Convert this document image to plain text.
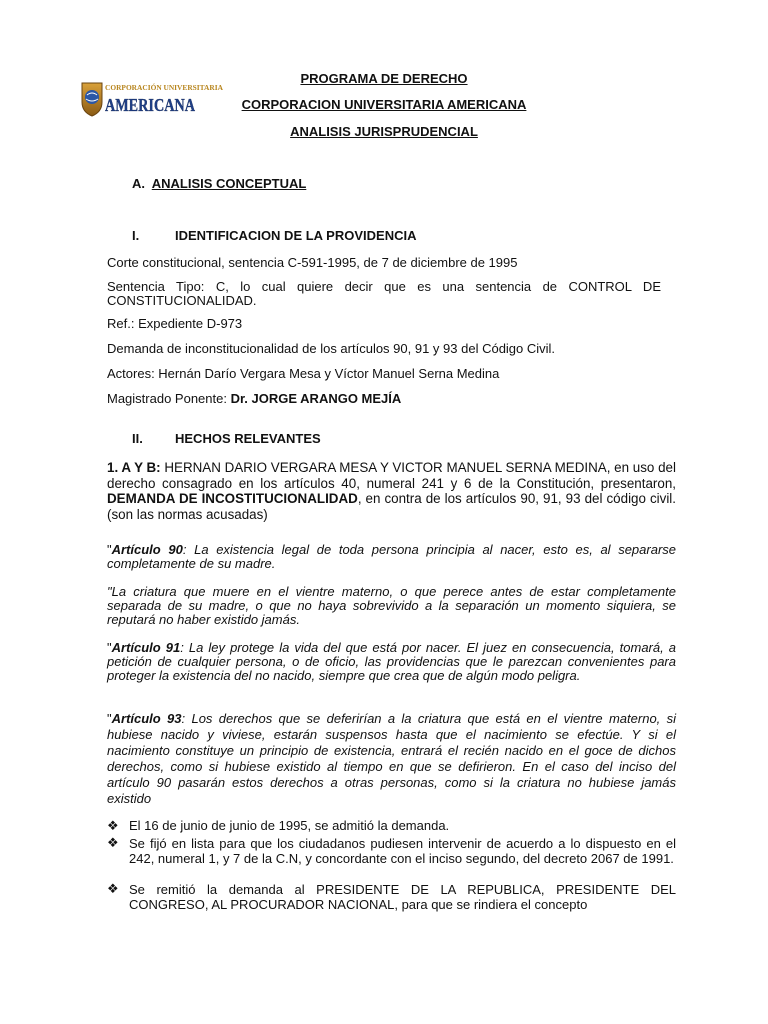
PROGRAMA DE DERECHO
CORPORACION UNIVERSITARIA AMERICANA
ANALISIS JURISPRUDENCIAL
CORPORACIÓN UNIVERSITARIA
AMERICANA
A. ANALISIS CONCEPTUAL
I.	IDENTIFICACION DE LA PROVIDENCIA
Corte constitucional, sentencia C-591-1995, de 7 de diciembre de 1995
Sentencia Tipo: C, lo cual quiere decir que es una sentencia de CONTROL DE CONSTITUCIONALIDAD.
Ref.: Expediente D-973
Demanda de inconstitucionalidad de los artículos 90, 91 y 93 del Código Civil.
Actores: Hernán Darío Vergara Mesa y Víctor Manuel Serna Medina
Magistrado Ponente: Dr. JORGE ARANGO MEJÍA
II. HECHOS RELEVANTES
1. A Y B: HERNAN DARIO VERGARA MESA Y VICTOR MANUEL SERNA MEDINA, en uso del derecho consagrado en los artículos 40, numeral 241 y 6 de la Constitución, presentaron, DEMANDA DE INCOSTITUCIONALIDAD, en contra de los artículos 90, 91, 93 del código civil. (son las normas acusadas)
"Artículo 90: La existencia legal de toda persona principia al nacer, esto es, al separarse completamente de su madre.
"La criatura que muere en el vientre materno, o que perece antes de estar completamente separada de su madre, o que no haya sobrevivido a la separación un momento siquiera, se reputará no haber existido jamás.
"Artículo 91: La ley protege la vida del que está por nacer. El juez en consecuencia, tomará, a petición de cualquier persona, o de oficio, las providencias que le parezcan convenientes para proteger la existencia del no nacido, siempre que crea que de algún modo peligra.
"Artículo 93: Los derechos que se deferirían a la criatura que está en el vientre materno, si hubiese nacido y viviese, estarán suspensos hasta que el nacimiento se efectúe. Y si el nacimiento constituye un principio de existencia, entrará el recién nacido en el goce de dichos derechos, como si hubiese existido al tiempo en que se defirieron. En el caso del inciso del artículo 90 pasarán estos derechos a otras personas, como si la criatura no hubiese jamás existido
❖ El 16 de junio de junio de 1995, se admitió la demanda.
❖ Se fijó en lista para que los ciudadanos pudiesen intervenir de acuerdo a lo dispuesto en el 242, numeral 1, y 7 de la C.N, y concordante con el inciso segundo, del decreto 2067 de 1991.
❖ Se remitió la demanda al PRESIDENTE DE LA REPUBLICA, PRESIDENTE DEL CONGRESO, AL PROCURADOR NACIONAL, para que se rindiera el concepto
